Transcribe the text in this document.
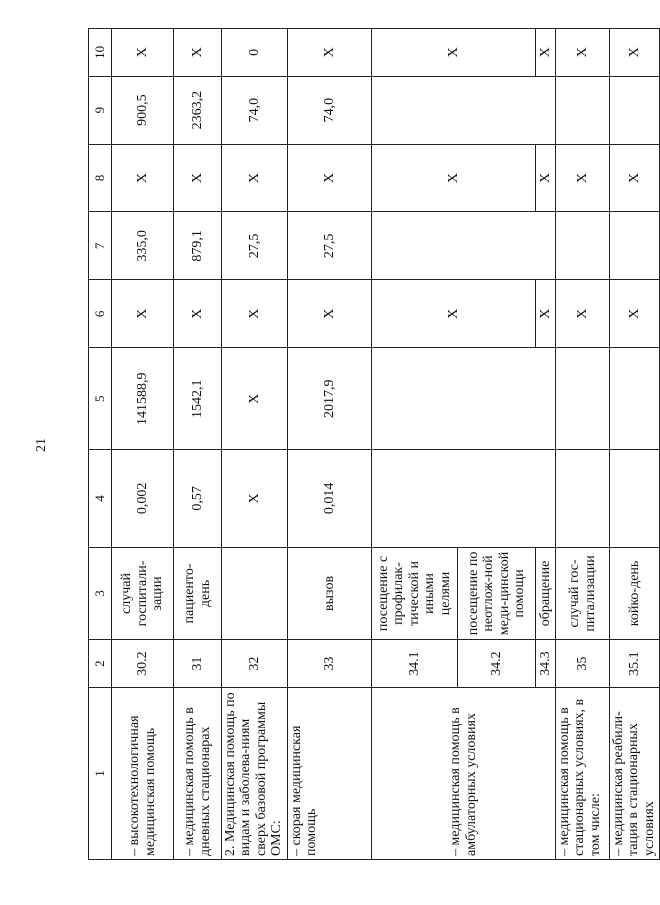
21
1	2	3	4	5	6	7	8	9	10
– высокотехнологичная медицинская помощь	30.2	случай госпитали-зации	0,002	141588,9	X	335,0	X	900,5	X
– медицинская помощь в дневных стационарах	31	пациенто-день	0,57	1542,1	X	879,1	X	2363,2	X
2. Медицинская помощь по видам и заболева-ниям сверх базовой программы ОМС:	32		X	X	X	27,5	X	74,0	0
– скорая медицинская помощь	33	вызов	0,014	2017,9	X	27,5	X	74,0	X
– медицинская помощь в амбулаторных условиях	34.1	посещение с профилак-тической и иными целями			X		X		X
	34.2	посещение по неотлож-ной меди-цинской помощи							
	34.3	обращение			X		X		X
– медицинская помощь в стационарных условиях, в том числе:	35	случай гос-питализации			X		X		X
– медицинская реабили-тация в стационарных условиях	35.1	койко-день			X		X		X
